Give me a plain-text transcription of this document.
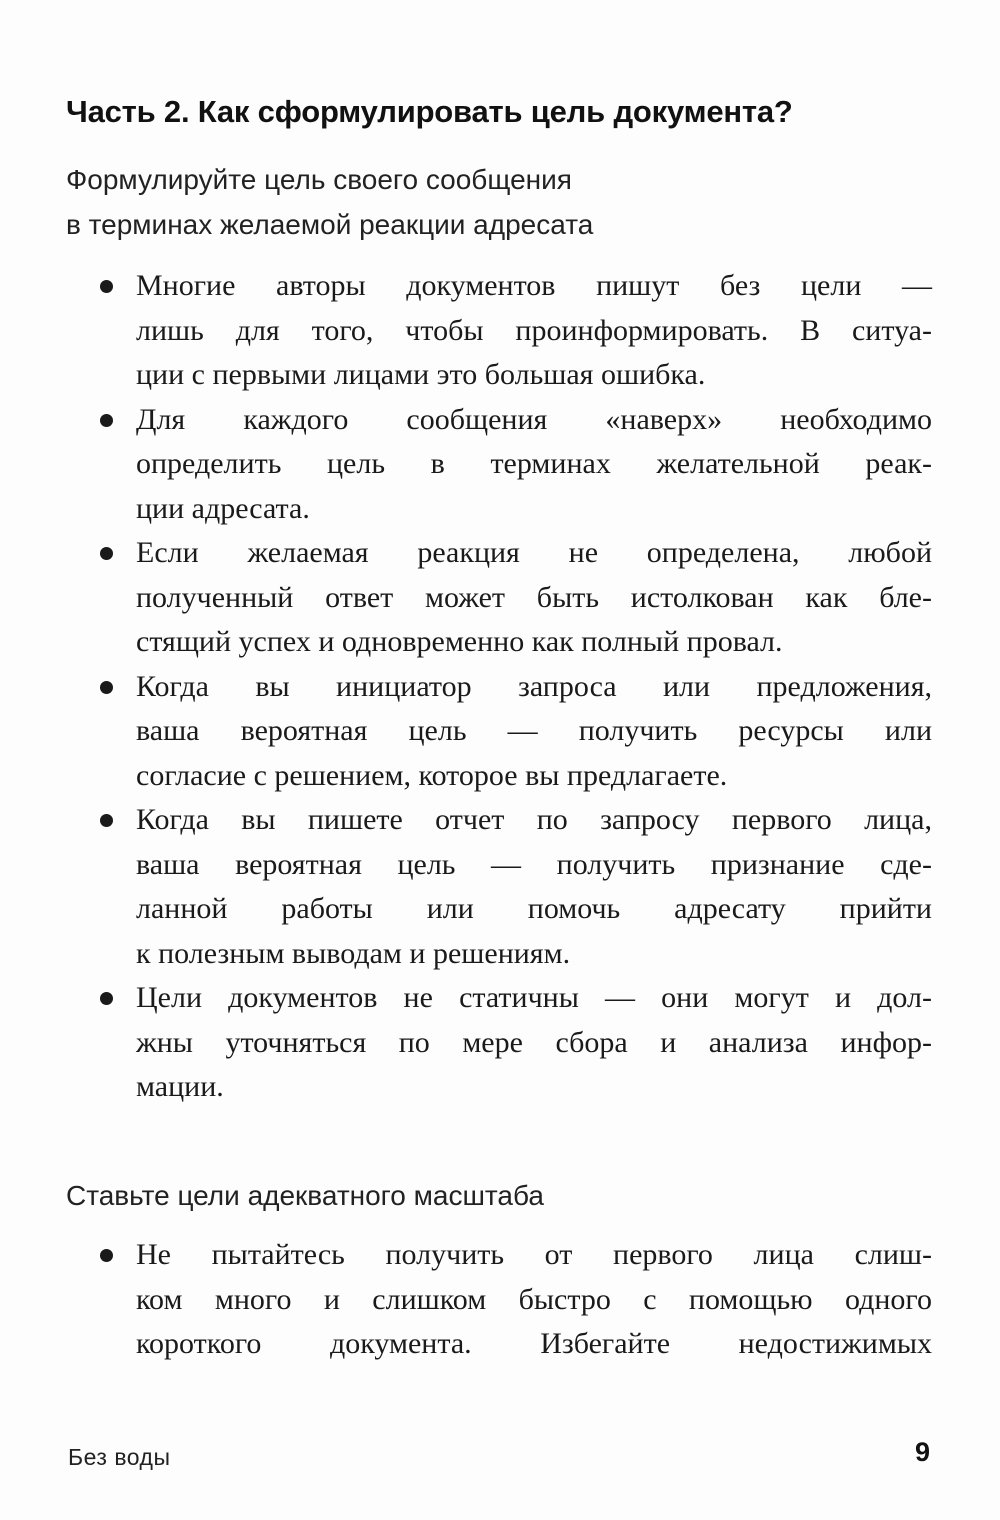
Часть 2. Как сформулировать цель документа?
Формулируйте цель своего сообщения
в терминах желаемой реакции адресата
Многие авторы документов пишут без цели —
лишь для того, чтобы проинформировать. В ситуа-
ции с первыми лицами это большая ошибка.
Для каждого сообщения «наверх» необходимо
определить цель в терминах желательной реак-
ции адресата.
Если желаемая реакция не определена, любой
полученный ответ может быть истолкован как бле-
стящий успех и одновременно как полный провал.
Когда вы инициатор запроса или предложения,
ваша вероятная цель — получить ресурсы или
согласие с решением, которое вы предлагаете.
Когда вы пишете отчет по запросу первого лица,
ваша вероятная цель — получить признание сде-
ланной работы или помочь адресату прийти
к полезным выводам и решениям.
Цели документов не статичны — они могут и дол-
жны уточняться по мере сбора и анализа инфор-
мации.
Ставьте цели адекватного масштаба
Не пытайтесь получить от первого лица слиш-
ком много и слишком быстро с помощью одного
короткого документа. Избегайте недостижимых

Без воды	9
